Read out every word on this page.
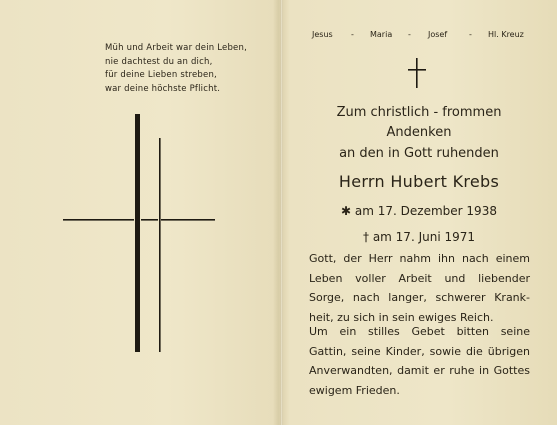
Müh und Arbeit war dein Leben,
nie dachtest du an dich,
für deine Lieben streben,
war deine höchste Pflicht.
Jesus - Maria - Josef	- Hl. Kreuz
Zum christlich - frommen
Andenken
an den in Gott ruhenden
Herrn Hubert Krebs
✱ am 17. Dezember 1938
† am 17. Juni 1971
Gott, der Herr nahm ihn nach einem
Leben voller Arbeit und liebender
Sorge, nach langer, schwerer Krank-
heit, zu sich in sein ewiges Reich.
Um ein stilles Gebet bitten seine
Gattin, seine Kinder, sowie die übrigen
Anverwandten, damit er ruhe in Gottes
ewigem Frieden.
